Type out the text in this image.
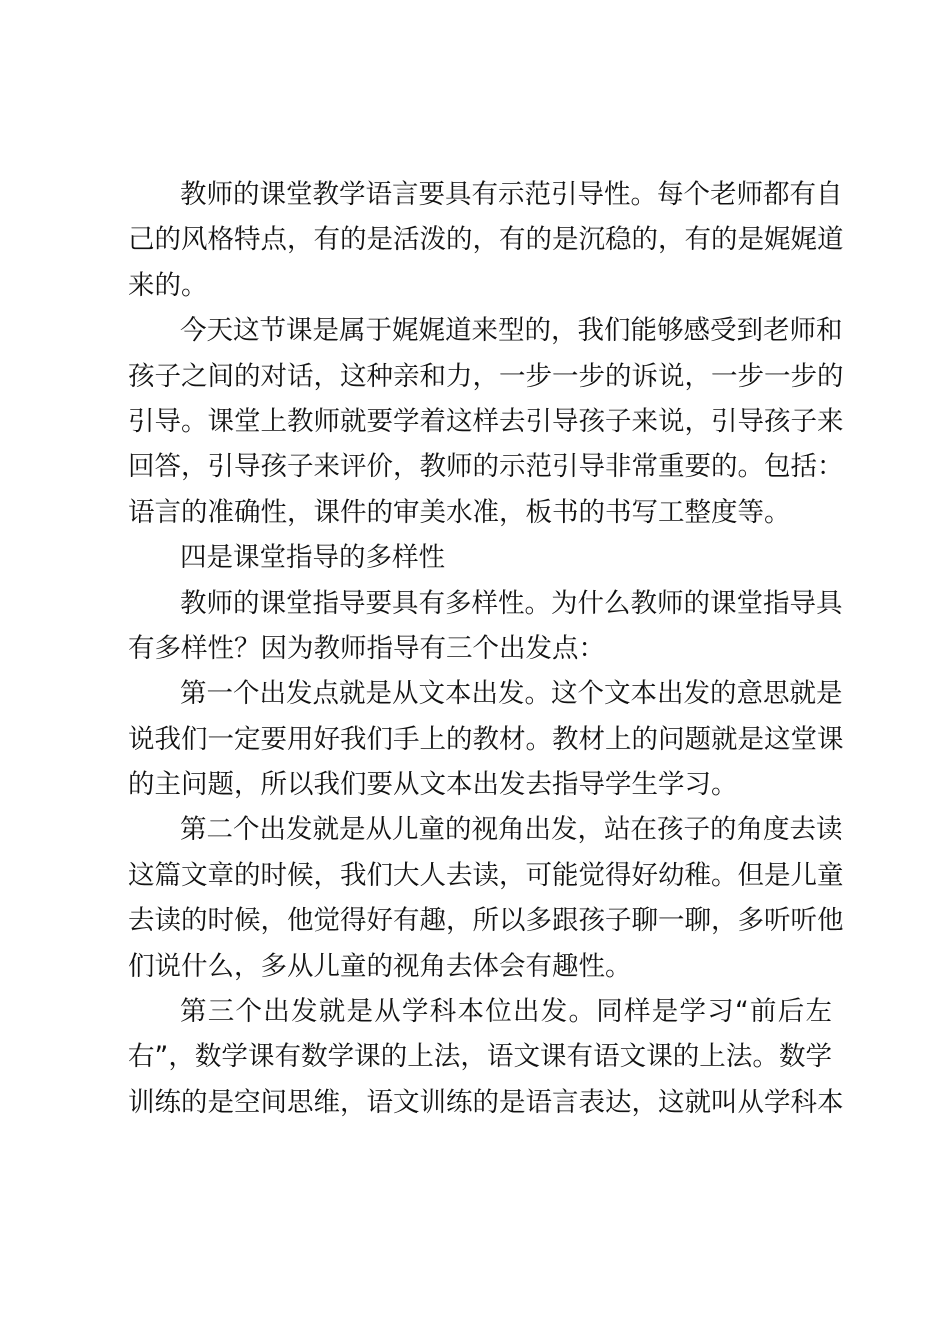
教师的课堂教学语言要具有示范引导性。每个老师都有自
己的风格特点，有的是活泼的，有的是沉稳的，有的是娓娓道
来的。
今天这节课是属于娓娓道来型的，我们能够感受到老师和
孩子之间的对话，这种亲和力，一步一步的诉说，一步一步的
引导。课堂上教师就要学着这样去引导孩子来说，引导孩子来
回答，引导孩子来评价，教师的示范引导非常重要的。包括：
语言的准确性，课件的审美水准，板书的书写工整度等。
四是课堂指导的多样性
教师的课堂指导要具有多样性。为什么教师的课堂指导具
有多样性？因为教师指导有三个出发点：
第一个出发点就是从文本出发。这个文本出发的意思就是
说我们一定要用好我们手上的教材。教材上的问题就是这堂课
的主问题，所以我们要从文本出发去指导学生学习。
第二个出发就是从儿童的视角出发，站在孩子的角度去读
这篇文章的时候，我们大人去读，可能觉得好幼稚。但是儿童
去读的时候，他觉得好有趣，所以多跟孩子聊一聊，多听听他
们说什么，多从儿童的视角去体会有趣性。
第三个出发就是从学科本位出发。同样是学习“前后左
右”，数学课有数学课的上法，语文课有语文课的上法。数学
训练的是空间思维，语文训练的是语言表达，这就叫从学科本
